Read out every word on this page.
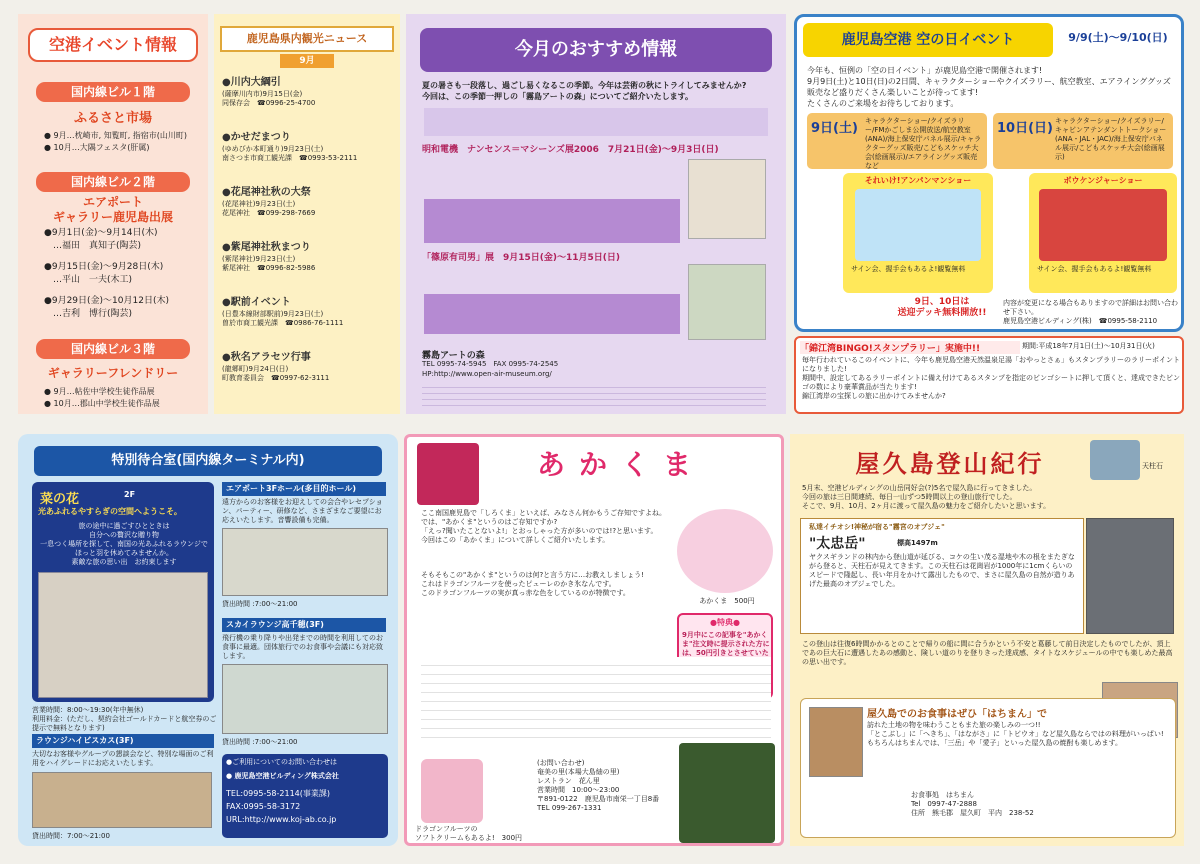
空港イベント情報
国内線ビル１階
ふるさと市場
● 9月…枕崎市, 知覧町, 指宿市(山川町)
● 10月…大隅フェスタ(肝属)
国内線ビル２階
エアポート
ギャラリー鹿児島出展
●9月1日(金)～9月14日(木)
　…福田　真知子(陶芸)
●9月15日(金)～9月28日(木)
　…平山　一夫(木工)
●9月29日(金)～10月12日(木)
　…吉利　博行(陶芸)
国内線ビル３階
ギャラリーフレンドリー
● 9月…帖佐中学校生徒作品展
● 10月…郡山中学校生徒作品展
鹿児島県内観光ニュース
9月
●川内大綱引
(薩摩川内市)9月15日(金)
同保存会　☎0996-25-4700
●かせだまつり
(ゆめびか本町通り)9月23日(土)
南さつま市商工観光課　☎0993-53-2111
●花尾神社秋の大祭
(花尾神社)9月23日(土)
花尾神社　☎099-298-7669
●紫尾神社秋まつり
(紫尾神社)9月23日(土)
紫尾神社　☎0996-82-5986
●駅前イベント
(日豊本線財部駅前)9月23日(土)
曽於市商工観光課　☎0986-76-1111
●秋名アラセツ行事
(龍郷町)9月24日(日)
町教育委員会　☎0997-62-3111
今月のおすすめ情報
夏の暑さも一段落し、過ごし易くなるこの季節。今年は芸術の秋にトライしてみませんか?
今回は、この季節一押しの「霧島アートの森」についてご紹介いたします。
明和電機　ナンセンス＝マシーンズ展2006　7月21日(金)～9月3日(日)
「篠原有司男」展　9月15日(金)～11月5日(日)
霧島アートの森
TEL 0995-74-5945　FAX 0995-74-2545
HP:http://www.open-air-museum.org/
鹿児島空港 空の日イベント	9/9(土)～9/10(日)
今年も、恒例の「空の日イベント」が鹿児島空港で開催されます!
9月9日(土)と10日(日)の2日間、キャラクターショーやクイズラリー、航空教室、エアラインググッズ販売など盛りだくさん楽しいことが待ってます!
たくさんのご来場をお待ちしております。
9日(土)	キャラクターショー/クイズラリー/FMかごしま公開放送/航空教室(ANA)/海上保安庁パネル展示/キャラクターグッズ販売/こどもスケッチ大会(絵画展示)/エアライングッズ販売など
10日(日) キャラクターショー/クイズラリー/キャビンアテンダントトークショー(ANA・JAL・JAC)/海上保安庁パネル展示/こどもスケッチ大会(絵画展示)
それいけ!アンパンマンショー
サイン会、握手会もあるよ!観覧無料
ボウケンジャーショー
サイン会、握手会もあるよ!観覧無料
9日、10日は
送迎デッキ無料開放!!
内容が変更になる場合もありますので詳細はお問い合わせ下さい。
鹿児島空港ビルディング(株)　☎0995-58-2110
「錦江湾BINGO!スタンプラリー」実施中!!	期間:平成18年7月1日(土)～10月31日(火)
毎年行われているこのイベントに、今年も鹿児島空港天然温泉足湯「おやっとさぁ」もスタンプラリーのラリーポイントになりました!
期間中、設定してあるラリーポイントに備え付けてあるスタンプを指定のビンゴシートに押して頂くと、達成できたビンゴの数により豪華賞品が当たります!
錦江湾岸の宝探しの旅に出かけてみませんか?
特別待合室(国内線ターミナル内)
菜の花	2F
光あふれるやすらぎの空間へようこそ。
旅の途中に過ごすひとときは
自分への贅沢な贈り物
一息つく場所を探して、南国の光あふれるラウンジで
ほっと羽を休めてみませんか。
素敵な旅の思い出　お約束します
営業時間：8:00～19:30(年中無休)
利用料金：(ただし、契約会社ゴールドカードと航空券のご提示で無料となります)
ラウンジハイビスカス(3F)
大切なお客様やグループの懇談会など、特別な場面のご利用をハイグレードにお応えいたします。
貸出時間：7:00～21:00
エアポート3Fホール(多目的ホール)
遠方からのお客様をお迎えしての会合やレセプション、パーティー、研修など、さまざまなご要望にお応えいたします。音響設備も完備。
貸出時間 :7:00～21:00
スカイラウンジ高千穂(3F)
飛行機の乗り降りや出発までの時間を利用してのお食事に最適。団体旅行でのお食事や会議にも対応致します。
貸出時間 :7:00～21:00
●ご利用についてのお問い合わせは
● 鹿児島空港ビルディング株式会社
TEL:0995-58-2114(事業課)
FAX:0995-58-3172
URL:http://www.koj-ab.co.jp
あかくま
ここ南国鹿児島で「しろくま」といえば、みなさん何かもうご存知ですよね。
では、"あかくま"というのはご存知ですか?
「えっ?聞いたことないよ!」とおっしゃった方が多いのでは!?と思います。
今回はこの「あかくま」について詳しくご紹介いたします。
あかくま　500円
そもそもこの"あかくま"というのは何?と言う方に…お教えしましょう!
これはドラゴンフルーツを使ったピューレのかき氷なんです。
このドラゴンフルーツの実が真っ赤な色をしているのが特徴です。
●特典●
9月中にこの記事を"あかくま"注文時に提示された方には、50円引きとさせていた
ドラゴンフルーツの
ソフトクリームもあるよ!　300円
(お問い合わせ)
奄美の里(本場大島紬の里)
レストラン　花ん里
営業時間　10:00～23:00
〒891-0122　鹿児島市南栄一丁目8番
TEL 099-267-1331
屋久島登山紀行	天柱石
5月末、空港ビルディングの山岳同好会(?)5名で屋久島に行ってきました。
今回の旅は三日間連続、毎日一山ずつ5時間以上の登山旅行でした。
そこで、9月、10月、2ヶ月に渡って屋久島の魅力をご紹介したいと思います。
私達イチオシ!神秘が宿る"霧宮のオブジェ"
"太忠岳"	標高1497m
ヤクスギランドの林内から登山道が延びる、コケの生い茂る湿地や木の根をまたぎながら登ると、天柱石が見えてきます。この天柱石は花崗岩が1000年に1cmくらいのスピードで隆起し、長い年月をかけて露出したもので、まさに屋久島の自然が造りあげた最高のオブジェでした。
この登山は往復6時間かかるとのことで帰りの船に間に合うかという不安と葛藤して前日決定したものでしたが、頂上であの巨大石に遭遇したあの感動と、険しい道のりを登りきった達成感、タイトなスケジュールの中でも楽しめた最高の思い出です。
屋久島でのお食事はぜひ「はちまん」で
訪れた土地の物を味わうこともまた旅の楽しみの一つ!!
「とこぶし」に「へきち」、「はながさ」に「トビウオ」など屋久島ならではの料理がいっぱい!
もちろんはちまんでは、「三岳」や「愛子」といった屋久島の焼酎も楽しめます。
お食事処　はちまん
Tel　0997-47-2888
住所　熊毛郡　屋久町　平内　238-52
